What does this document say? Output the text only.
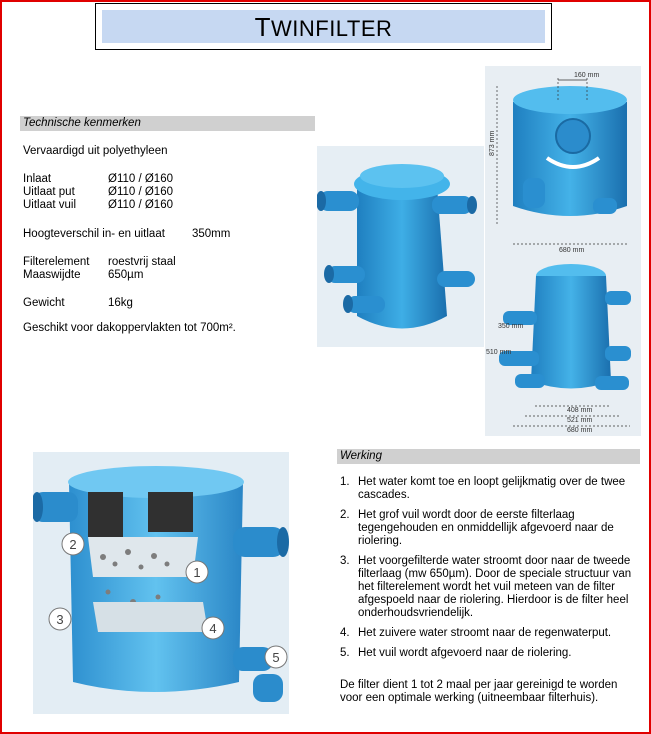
TWINFILTER
Technische kenmerken
Vervaardigd uit polyethyleen
Inlaat	Ø110 / Ø160
Uitlaat put	Ø110 / Ø160
Uitlaat vuil	Ø110 / Ø160
Hoogteverschil in- en uitlaat 350mm
Filterelement roestvrij staal
Maaswijdte 650µm
Gewicht	16kg
Geschikt voor dakoppervlakten tot 700m².
160 mm
873 mm
680 mm
350 mm
510 mm
408 mm
521 mm
680 mm
1
2
3
4
5
Werking
1. Het water komt toe en loopt gelijkmatig over de twee cascades.
2. Het grof vuil wordt door de eerste filterlaag tegengehouden en onmiddellijk afgevoerd naar de riolering.
3. Het voorgefilterde water stroomt door naar de tweede filterlaag (mw 650µm). Door de speciale structuur van het filterelement wordt het vuil meteen van de filter afgespoeld naar de riolering. Hierdoor is de filter heel onderhoudsvriendelijk.
4. Het zuivere water stroomt naar de regenwaterput.
5. Het vuil wordt afgevoerd naar de riolering.
De filter dient 1 tot 2 maal per jaar gereinigd te worden voor een optimale werking (uitneembaar filterhuis).
